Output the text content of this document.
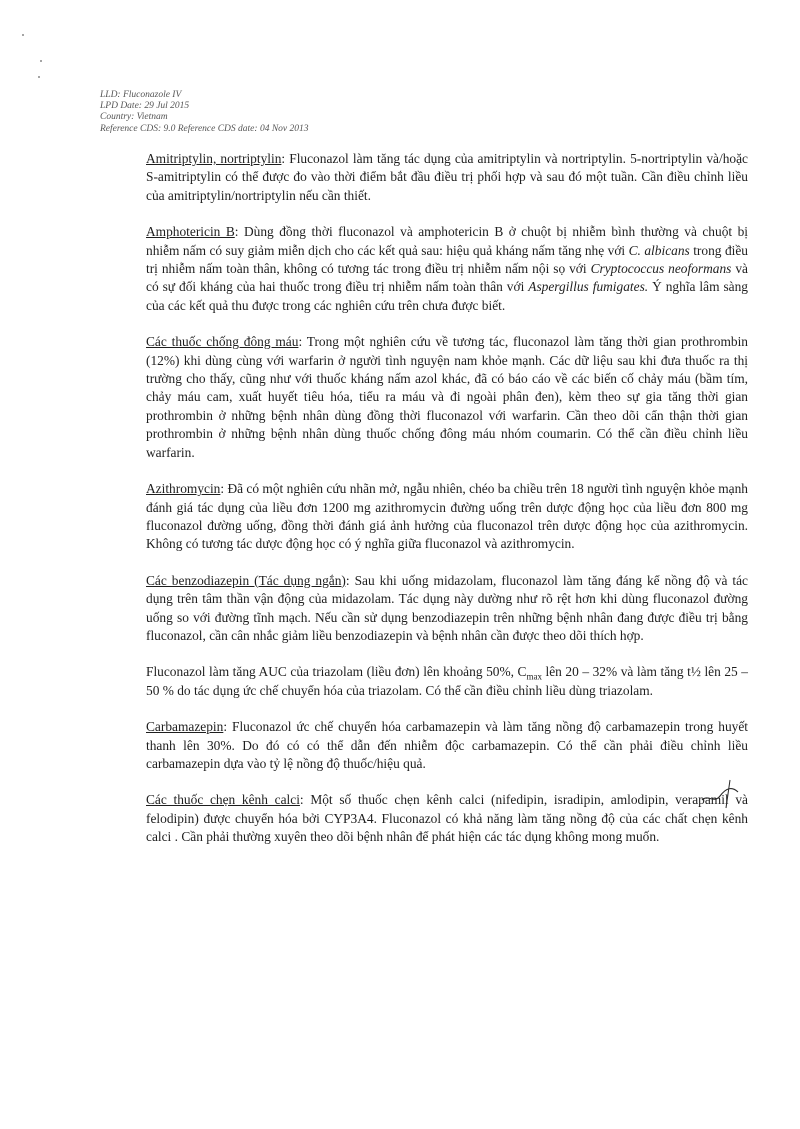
LLD: Fluconazole IV
LPD Date: 29 Jul 2015
Country: Vietnam
Reference CDS: 9.0 Reference CDS date: 04 Nov 2013

Amitriptylin, nortriptylin: Fluconazol làm tăng tác dụng của amitriptylin và nortriptylin. 5-nortriptylin và/hoặc S-amitriptylin có thể được đo vào thời điểm bắt đầu điều trị phối hợp và sau đó một tuần. Cần điều chỉnh liều của amitriptylin/nortriptylin nếu cần thiết.

Amphotericin B: Dùng đồng thời fluconazol và amphotericin B ở chuột bị nhiễm bình thường và chuột bị nhiễm nấm có suy giảm miễn dịch cho các kết quả sau: hiệu quả kháng nấm tăng nhẹ với C. albicans trong điều trị nhiễm nấm toàn thân, không có tương tác trong điều trị nhiễm nấm nội sọ với Cryptococcus neoformans và có sự đối kháng của hai thuốc trong điều trị nhiễm nấm toàn thân với Aspergillus fumigates. Ý nghĩa lâm sàng của các kết quả thu được trong các nghiên cứu trên chưa được biết.

Các thuốc chống đông máu: Trong một nghiên cứu về tương tác, fluconazol làm tăng thời gian prothrombin (12%) khi dùng cùng với warfarin ở người tình nguyện nam khỏe mạnh. Các dữ liệu sau khi đưa thuốc ra thị trường cho thấy, cũng như với thuốc kháng nấm azol khác, đã có báo cáo về các biến cố chảy máu (bầm tím, chảy máu cam, xuất huyết tiêu hóa, tiểu ra máu và đi ngoài phân đen), kèm theo sự gia tăng thời gian prothrombin ở những bệnh nhân dùng đồng thời fluconazol với warfarin. Cần theo dõi cẩn thận thời gian prothrombin ở những bệnh nhân dùng thuốc chống đông máu nhóm coumarin. Có thể cần điều chỉnh liều warfarin.

Azithromycin: Đã có một nghiên cứu nhãn mở, ngẫu nhiên, chéo ba chiều trên 18 người tình nguyện khỏe mạnh đánh giá tác dụng của liều đơn 1200 mg azithromycin đường uống trên dược động học của liều đơn 800 mg fluconazol đường uống, đồng thời đánh giá ảnh hưởng của fluconazol trên dược động học của azithromycin. Không có tương tác dược động học có ý nghĩa giữa fluconazol và azithromycin.

Các benzodiazepin (Tác dụng ngắn): Sau khi uống midazolam, fluconazol làm tăng đáng kể nồng độ và tác dụng trên tâm thần vận động của midazolam. Tác dụng này dường như rõ rệt hơn khi dùng fluconazol đường uống so với đường tĩnh mạch. Nếu cần sử dụng benzodiazepin trên những bệnh nhân đang được điều trị bằng fluconazol, cần cân nhắc giảm liều benzodiazepin và bệnh nhân cần được theo dõi thích hợp.

Fluconazol làm tăng AUC của triazolam (liều đơn) lên khoảng 50%, $C_{max}$ lên 20 – 32% và làm tăng t½ lên 25 – 50 % do tác dụng ức chế chuyển hóa của triazolam. Có thể cần điều chỉnh liều dùng triazolam.

Carbamazepin: Fluconazol ức chế chuyển hóa carbamazepin và làm tăng nồng độ carbamazepin trong huyết thanh lên 30%. Do đó có có thể dẫn đến nhiễm độc carbamazepin. Có thể cần phải điều chỉnh liều carbamazepin dựa vào tỷ lệ nồng độ thuốc/hiệu quả.

Các thuốc chẹn kênh calci: Một số thuốc chẹn kênh calci (nifedipin, isradipin, amlodipin, verapamil và felodipin) được chuyển hóa bởi CYP3A4. Fluconazol có khả năng làm tăng nồng độ của các chất chẹn kênh calci . Cần phải thường xuyên theo dõi bệnh nhân để phát hiện các tác dụng không mong muốn.
